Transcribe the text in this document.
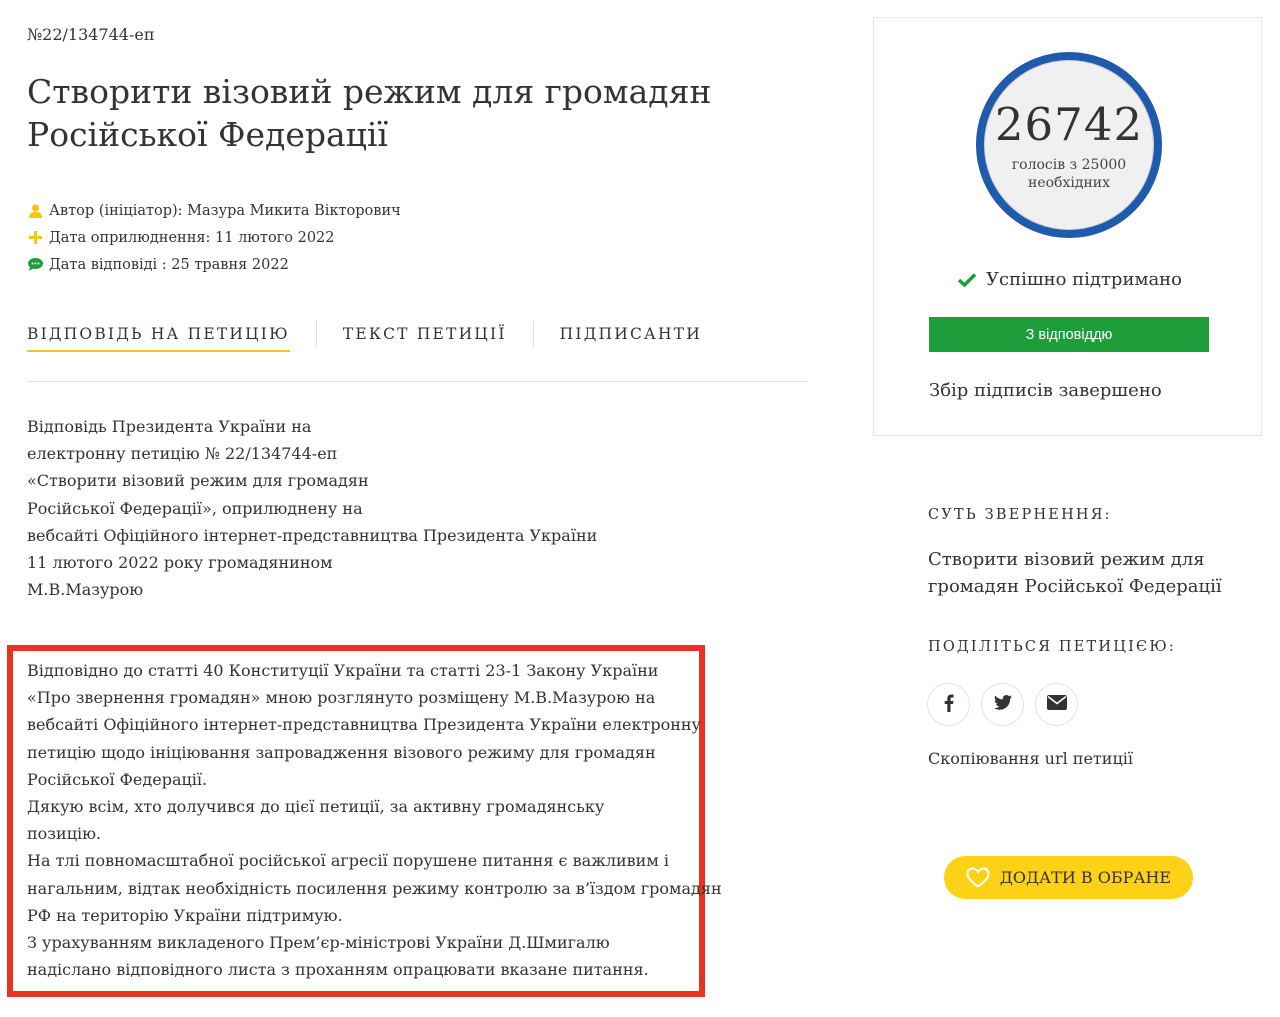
№22/134744-еп
Створити візовий режим для громадян Російської Федерації
Автор (ініціатор): Мазура Микита Вікторович
Дата оприлюднення: 11 лютого 2022
Дата відповіді : 25 травня 2022
ВІДПОВІДЬ НА ПЕТИЦІЮ	ТЕКСТ ПЕТИЦІЇ	ПІДПИСАНТИ
Відповідь Президента України на
електронну петицію № 22/134744-еп
«Створити візовий режим для громадян
Російської Федерації», оприлюднену на
вебсайті Офіційного інтернет-представництва Президента України
11 лютого 2022 року громадянином
М.В.Мазурою
Відповідно до статті 40 Конституції України та статті 23-1 Закону України
«Про звернення громадян» мною розглянуто розміщену М.В.Мазурою на
вебсайті Офіційного інтернет-представництва Президента України електронну
петицію щодо ініціювання запровадження візового режиму для громадян
Російської Федерації.
Дякую всім, хто долучився до цієї петиції, за активну громадянську
позицію.
На тлі повномасштабної російської агресії порушене питання є важливим і
нагальним, відтак необхідність посилення режиму контролю за в’їздом громадян
РФ на територію України підтримую.
З урахуванням викладеного Прем’єр-міністрові України Д.Шмигалю
надіслано відповідного листа з проханням опрацювати вказане питання.
26742
голосів з 25000 необхідних
Успішно підтримано
З відповіддю
Збір підписів завершено
СУТЬ ЗВЕРНЕННЯ:
Створити візовий режим для громадян Російської Федерації
ПОДІЛІТЬСЯ ПЕТИЦІЄЮ:
Скопіювання url петиції
ДОДАТИ В ОБРАНЕ
